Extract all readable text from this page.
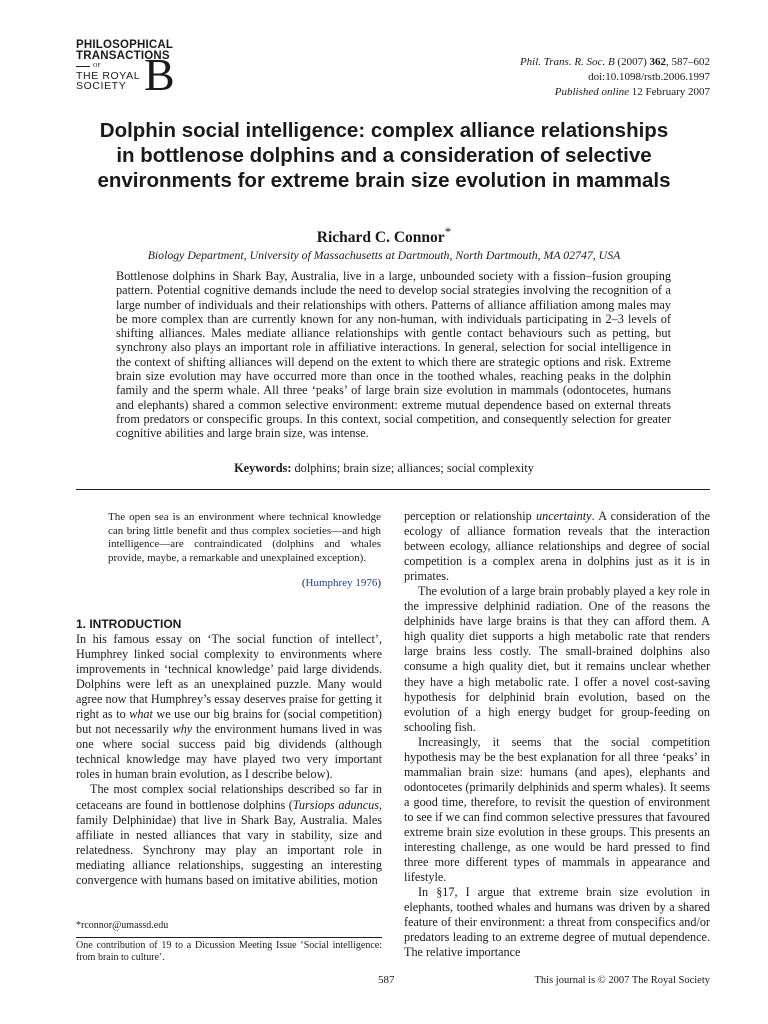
PHILOSOPHICAL
TRANSACTIONS
OF
THE ROYAL
SOCIETY B	Phil. Trans. R. Soc. B (2007) 362, 587–602
doi:10.1098/rstb.2006.1997
Published online 12 February 2007
Dolphin social intelligence: complex alliance relationships in bottlenose dolphins and a consideration of selective environments for extreme brain size evolution in mammals
Richard C. Connor*
Biology Department, University of Massachusetts at Dartmouth, North Dartmouth, MA 02747, USA
Bottlenose dolphins in Shark Bay, Australia, live in a large, unbounded society with a fission–fusion grouping pattern. Potential cognitive demands include the need to develop social strategies involving the recognition of a large number of individuals and their relationships with others. Patterns of alliance affiliation among males may be more complex than are currently known for any non-human, with individuals participating in 2–3 levels of shifting alliances. Males mediate alliance relationships with gentle contact behaviours such as petting, but synchrony also plays an important role in affiliative interactions. In general, selection for social intelligence in the context of shifting alliances will depend on the extent to which there are strategic options and risk. Extreme brain size evolution may have occurred more than once in the toothed whales, reaching peaks in the dolphin family and the sperm whale. All three ‘peaks’ of large brain size evolution in mammals (odontocetes, humans and elephants) shared a common selective environment: extreme mutual dependence based on external threats from predators or conspecific groups. In this context, social competition, and consequently selection for greater cognitive abilities and large brain size, was intense.
Keywords: dolphins; brain size; alliances; social complexity
The open sea is an environment where technical knowledge can bring little benefit and thus complex societies—and high intelligence—are contraindicated (dolphins and whales provide, maybe, a remarkable and unexplained exception).
(Humphrey 1976)
1. INTRODUCTION

In his famous essay on ‘The social function of intellect’, Humphrey linked social complexity to environments where improvements in ‘technical knowledge’ paid large dividends. Dolphins were left as an unexplained puzzle. Many would agree now that Humphrey’s essay deserves praise for getting it right as to what we use our big brains for (social competition) but not necessarily why the environment humans lived in was one where social success paid big dividends (although technical knowledge may have played two very important roles in human brain evolution, as I describe below).

The most complex social relationships described so far in cetaceans are found in bottlenose dolphins (Tursiops aduncus, family Delphinidae) that live in Shark Bay, Australia. Males affiliate in nested alliances that vary in stability, size and relatedness. Synchrony may play an important role in mediating alliance relationships, suggesting an interesting convergence with humans based on imitative abilities, motion

perception or relationship uncertainty. A consideration of the ecology of alliance formation reveals that the interaction between ecology, alliance relationships and degree of social competition is a complex arena in dolphins just as it is in primates.

The evolution of a large brain probably played a key role in the impressive delphinid radiation. One of the reasons the delphinids have large brains is that they can afford them. A high quality diet supports a high metabolic rate that renders large brains less costly. The small-brained dolphins also consume a high quality diet, but it remains unclear whether they have a high metabolic rate. I offer a novel cost-saving hypothesis for delphinid brain evolution, based on the evolution of a high energy budget for group-feeding on schooling fish.

Increasingly, it seems that the social competition hypothesis may be the best explanation for all three ‘peaks’ in mammalian brain size: humans (and apes), elephants and odontocetes (primarily delphinids and sperm whales). It seems a good time, therefore, to revisit the question of environment to see if we can find common selective pressures that favoured extreme brain size evolution in these groups. This presents an interesting challenge, as one would be hard pressed to find three more different types of mammals in appearance and lifestyle.

In §17, I argue that extreme brain size evolution in elephants, toothed whales and humans was driven by a shared feature of their environment: a threat from conspecifics and/or predators leading to an extreme degree of mutual dependence. The relative importance

*rconnor@umassd.edu
One contribution of 19 to a Dicussion Meeting Issue ‘Social intelligence: from brain to culture’.
587	This journal is © 2007 The Royal Society
